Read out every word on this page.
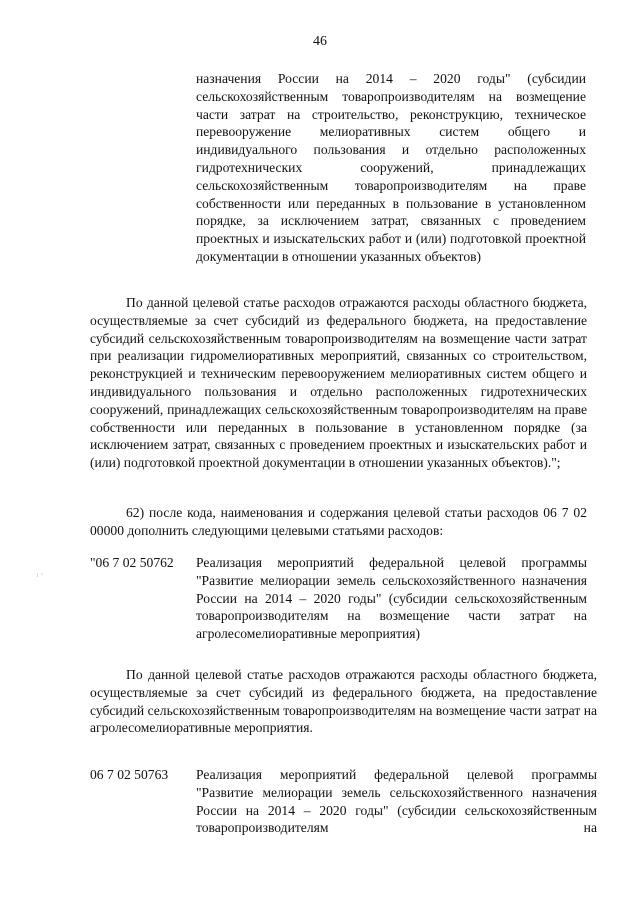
46
назначения России на 2014 – 2020 годы" (субсидии сельскохозяйственным товаропроизводителям на возмещение части затрат на строительство, реконструкцию, техническое перевооружение мелиоративных систем общего и индивидуального пользования и отдельно расположенных гидротехнических сооружений, принадлежащих сельскохозяйственным товаропроизводителям на праве собственности или переданных в пользование в установленном порядке, за исключением затрат, связанных с проведением проектных и изыскательских работ и (или) подготовкой проектной документации в отношении указанных объектов)
По данной целевой статье расходов отражаются расходы областного бюджета, осуществляемые за счет субсидий из федерального бюджета, на предоставление субсидий сельскохозяйственным товаропроизводителям на возмещение части затрат при реализации гидромелиоративных мероприятий, связанных со строительством, реконструкцией и техническим перевооружением мелиоративных систем общего и индивидуального пользования и отдельно расположенных гидротехнических сооружений, принадлежащих сельскохозяйственным товаропроизводителям на праве собственности или переданных в пользование в установленном порядке (за исключением затрат, связанных с проведением проектных и изыскательских работ и (или) подготовкой проектной документации в отношении указанных объектов).";
62) после кода, наименования и содержания целевой статьи расходов 06 7 02 00000 дополнить следующими целевыми статьями расходов:
"06 7 02 50762 Реализация мероприятий федеральной целевой программы "Развитие мелиорации земель сельскохозяйственного назначения России на 2014 – 2020 годы" (субсидии сельскохозяйственным товаропроизводителям на возмещение части затрат на агролесомелиоративные мероприятия)
По данной целевой статье расходов отражаются расходы областного бюджета, осуществляемые за счет субсидий из федерального бюджета, на предоставление субсидий сельскохозяйственным товаропроизводителям на возмещение части затрат на агролесомелиоративные мероприятия.
06 7 02 50763 Реализация мероприятий федеральной целевой программы "Развитие мелиорации земель сельскохозяйственного назначения России на 2014 – 2020 годы" (субсидии сельскохозяйственным товаропроизводителям на
· · ·
